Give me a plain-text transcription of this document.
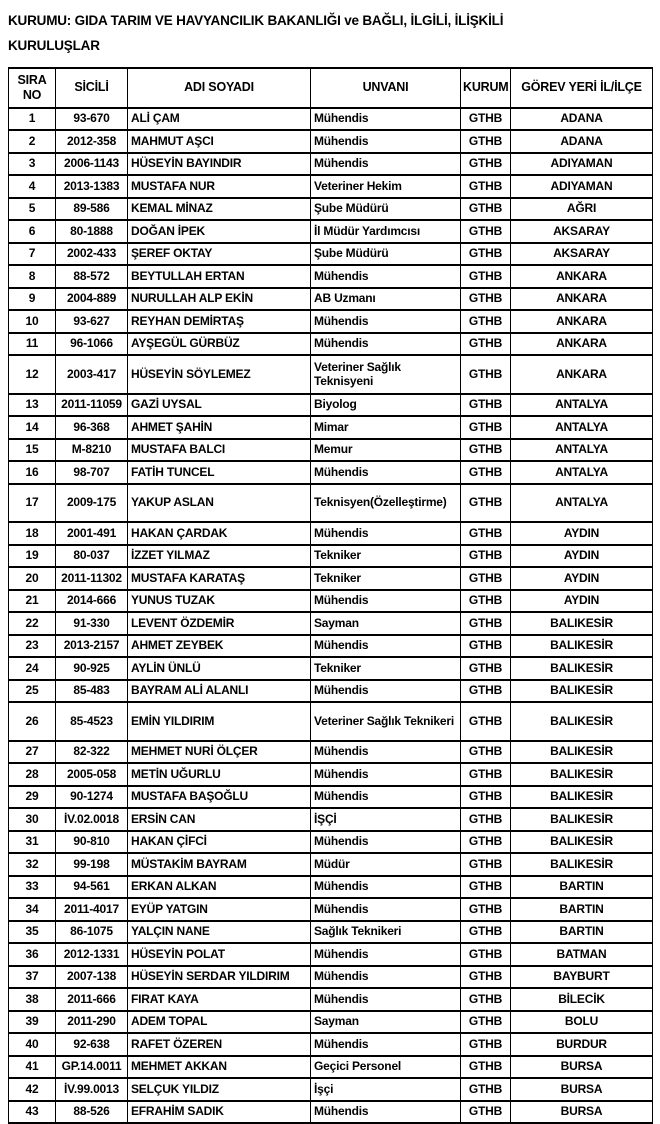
KURUMU: GIDA TARIM VE HAVYANCILIK BAKANLIĞI ve BAĞLI, İLGİLİ, İLİŞKİLİ
KURULUŞLAR
SIRA NO	SİCİLİ	ADI SOYADI	UNVANI	KURUM	GÖREV YERİ İL/İLÇE
1	93-670	ALİ ÇAM	Mühendis	GTHB	ADANA
2	2012-358	MAHMUT AŞCI	Mühendis	GTHB	ADANA
3	2006-1143	HÜSEYİN BAYINDIR	Mühendis	GTHB	ADIYAMAN
4	2013-1383	MUSTAFA NUR	Veteriner Hekim	GTHB	ADIYAMAN
5	89-586	KEMAL MİNAZ	Şube Müdürü	GTHB	AĞRI
6	80-1888	DOĞAN İPEK	İl Müdür Yardımcısı	GTHB	AKSARAY
7	2002-433	ŞEREF OKTAY	Şube Müdürü	GTHB	AKSARAY
8	88-572	BEYTULLAH ERTAN	Mühendis	GTHB	ANKARA
9	2004-889	NURULLAH ALP EKİN	AB Uzmanı	GTHB	ANKARA
10	93-627	REYHAN DEMİRTAŞ	Mühendis	GTHB	ANKARA
11	96-1066	AYŞEGÜL GÜRBÜZ	Mühendis	GTHB	ANKARA
12	2003-417	HÜSEYİN SÖYLEMEZ	Veteriner Sağlık Teknisyeni	GTHB	ANKARA
13	2011-11059	GAZİ UYSAL	Biyolog	GTHB	ANTALYA
14	96-368	AHMET ŞAHİN	Mimar	GTHB	ANTALYA
15	M-8210	MUSTAFA BALCI	Memur	GTHB	ANTALYA
16	98-707	FATİH TUNCEL	Mühendis	GTHB	ANTALYA
17	2009-175	YAKUP ASLAN	Teknisyen(Özelleştirme)	GTHB	ANTALYA
18	2001-491	HAKAN ÇARDAK	Mühendis	GTHB	AYDIN
19	80-037	İZZET YILMAZ	Tekniker	GTHB	AYDIN
20	2011-11302	MUSTAFA KARATAŞ	Tekniker	GTHB	AYDIN
21	2014-666	YUNUS TUZAK	Mühendis	GTHB	AYDIN
22	91-330	LEVENT ÖZDEMİR	Sayman	GTHB	BALIKESİR
23	2013-2157	AHMET ZEYBEK	Mühendis	GTHB	BALIKESİR
24	90-925	AYLİN ÜNLÜ	Tekniker	GTHB	BALIKESİR
25	85-483	BAYRAM ALİ ALANLI	Mühendis	GTHB	BALIKESİR
26	85-4523	EMİN YILDIRIM	Veteriner Sağlık Teknikeri	GTHB	BALIKESİR
27	82-322	MEHMET NURİ ÖLÇER	Mühendis	GTHB	BALIKESİR
28	2005-058	METİN UĞURLU	Mühendis	GTHB	BALIKESİR
29	90-1274	MUSTAFA BAŞOĞLU	Mühendis	GTHB	BALIKESİR
30	İV.02.0018	ERSİN CAN	İŞÇİ	GTHB	BALIKESİR
31	90-810	HAKAN ÇİFCİ	Mühendis	GTHB	BALIKESİR
32	99-198	MÜSTAKİM BAYRAM	Müdür	GTHB	BALIKESİR
33	94-561	ERKAN ALKAN	Mühendis	GTHB	BARTIN
34	2011-4017	EYÜP YATGIN	Mühendis	GTHB	BARTIN
35	86-1075	YALÇIN NANE	Sağlık Teknikeri	GTHB	BARTIN
36	2012-1331	HÜSEYİN POLAT	Mühendis	GTHB	BATMAN
37	2007-138	HÜSEYİN SERDAR YILDIRIM	Mühendis	GTHB	BAYBURT
38	2011-666	FIRAT KAYA	Mühendis	GTHB	BİLECİK
39	2011-290	ADEM TOPAL	Sayman	GTHB	BOLU
40	92-638	RAFET ÖZEREN	Mühendis	GTHB	BURDUR
41	GP.14.0011	MEHMET AKKAN	Geçici Personel	GTHB	BURSA
42	İV.99.0013	SELÇUK YILDIZ	İşçi	GTHB	BURSA
43	88-526	EFRAHİM SADIK	Mühendis	GTHB	BURSA
